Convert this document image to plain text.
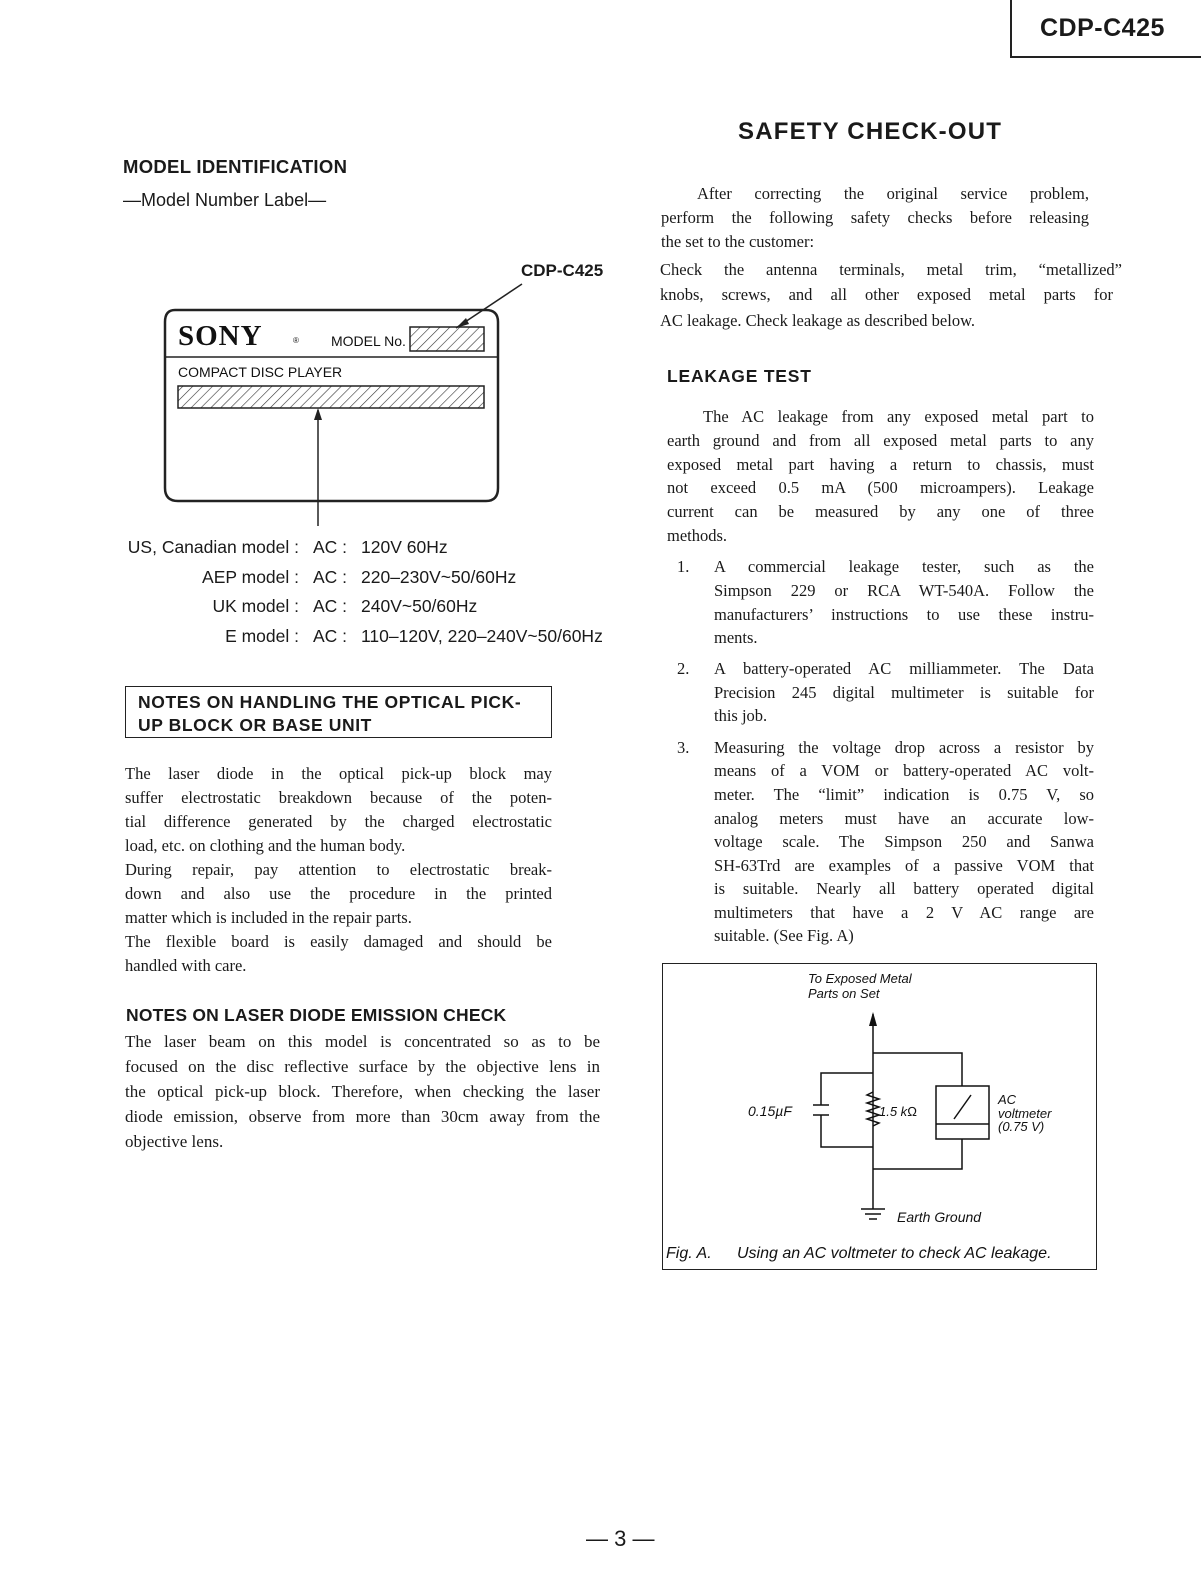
CDP-C425
MODEL IDENTIFICATION
—Model Number Label—
CDP-C425
SONY	® MODEL No.
COMPACT DISC PLAYER
US, Canadian model : AC : 120V 60Hz
AEP model : AC : 220–230V~50/60Hz
UK model : AC : 240V~50/60Hz
E model : AC : 110–120V, 220–240V~50/60Hz
NOTES ON HANDLING THE OPTICAL PICK-
UP BLOCK OR BASE UNIT
The laser diode in the optical pick-up block may
suffer electrostatic breakdown because of the poten-
tial difference generated by the charged electrostatic
load, etc. on clothing and the human body.
During repair, pay attention to electrostatic break-
down and also use the procedure in the printed
matter which is included in the repair parts.
The flexible board is easily damaged and should be
handled with care.
NOTES ON LASER DIODE EMISSION CHECK
The laser beam on this model is concentrated so as to be
focused on the disc reflective surface by the objective lens in
the optical pick-up block. Therefore, when checking the laser
diode emission, observe from more than 30cm away from the
objective lens.
SAFETY CHECK-OUT
After correcting the original service problem,
perform the following safety checks before releasing
the set to the customer:
Check the antenna terminals, metal trim, “metallized”
knobs, screws, and all other exposed metal parts for
AC leakage. Check leakage as described below.
LEAKAGE TEST
The AC leakage from any exposed metal part to
earth ground and from all exposed metal parts to any
exposed metal part having a return to chassis, must
not exceed 0.5 mA (500 microampers). Leakage
current can be measured by any one of three
methods.
1. A commercial leakage tester, such as the
Simpson 229 or RCA WT-540A. Follow the
manufacturers’ instructions to use these instru-
ments.
2. A battery-operated AC milliammeter. The Data
Precision 245 digital multimeter is suitable for
this job.
3. Measuring the voltage drop across a resistor by
means of a VOM or battery-operated AC volt-
meter. The “limit” indication is 0.75 V, so
analog meters must have an accurate low-
voltage scale. The Simpson 250 and Sanwa
SH-63Trd are examples of a passive VOM that
is suitable. Nearly all battery operated digital
multimeters that have a 2 V AC range are
suitable. (See Fig. A)
To Exposed Metal
Parts on Set
0.15µF	1.5 kΩ
AC
voltmeter
(0.75 V)
Earth Ground
Fig. A. Using an AC voltmeter to check AC leakage.
— 3 —
